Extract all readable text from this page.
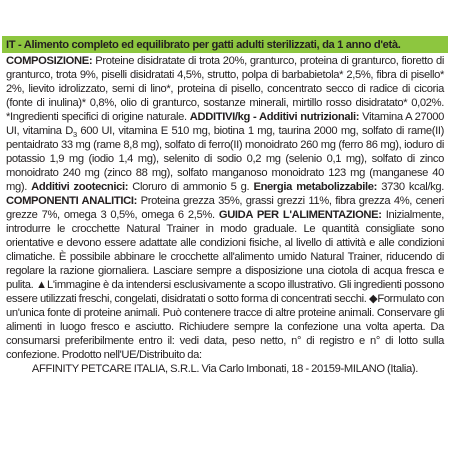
IT - Alimento completo ed equilibrato per gatti adulti sterilizzati, da 1 anno d'età.

COMPOSIZIONE: Proteine disidratate di trota 20%, granturco, proteina di granturco, fioretto di granturco, trota 9%, piselli disidratati 4,5%, strutto, polpa di barbabietola* 2,5%, fibra di pisello* 2%, lievito idrolizzato, semi di lino*, proteina di pisello, concentrato secco di radice di cicoria (fonte di inulina)* 0,8%, olio di granturco, sostanze minerali, mirtillo rosso disidratato* 0,02%. *Ingredienti specifici di origine naturale. ADDITIVI/kg - Additivi nutrizionali: Vitamina A 27000 UI, vitamina $D_3$ 600 UI, vitamina E 510 mg, biotina 1 mg, taurina 2000 mg, solfato di rame(II) pentaidrato 33 mg (rame 8,8 mg), solfato di ferro(II) monoidrato 260 mg (ferro 86 mg), ioduro di potassio 1,9 mg (iodio 1,4 mg), selenito di sodio 0,2 mg (selenio 0,1 mg), solfato di zinco monoidrato 240 mg (zinco 88 mg), solfato manganoso monoidrato 123 mg (manganese 40 mg). Additivi zootecnici: Cloruro di ammonio 5 g. Energia metabolizzabile: 3730 kcal/kg. COMPONENTI ANALITICI: Proteina grezza 35%, grassi grezzi 11%, fibra grezza 4%, ceneri grezze 7%, omega 3 0,5%, omega 6 2,5%. GUIDA PER L'ALIMENTAZIONE: Inizialmente, introdurre le crocchette Natural Trainer in modo graduale. Le quantità consigliate sono orientative e devono essere adattate alle condizioni fisiche, al livello di attività e alle condizioni climatiche. È possibile abbinare le crocchette all'alimento umido Natural Trainer, riducendo di regolare la razione giornaliera. Lasciare sempre a disposizione una ciotola di acqua fresca e pulita. ▲L'immagine è da intendersi esclusivamente a scopo illustrativo. Gli ingredienti possono essere utilizzati freschi, congelati, disidratati o sotto forma di concentrati secchi. ◆Formulato con un'unica fonte di proteine animali. Può contenere tracce di altre proteine animali. Conservare gli alimenti in luogo fresco e asciutto. Richiudere sempre la confezione una volta aperta. Da consumarsi preferibilmente entro il: vedi data, peso netto, n° di registro e n° di lotto sulla confezione. Prodotto nell'UE/Distribuito da:

AFFINITY PETCARE ITALIA, S.R.L. Via Carlo Imbonati, 18 - 20159-MILANO (Italia).
